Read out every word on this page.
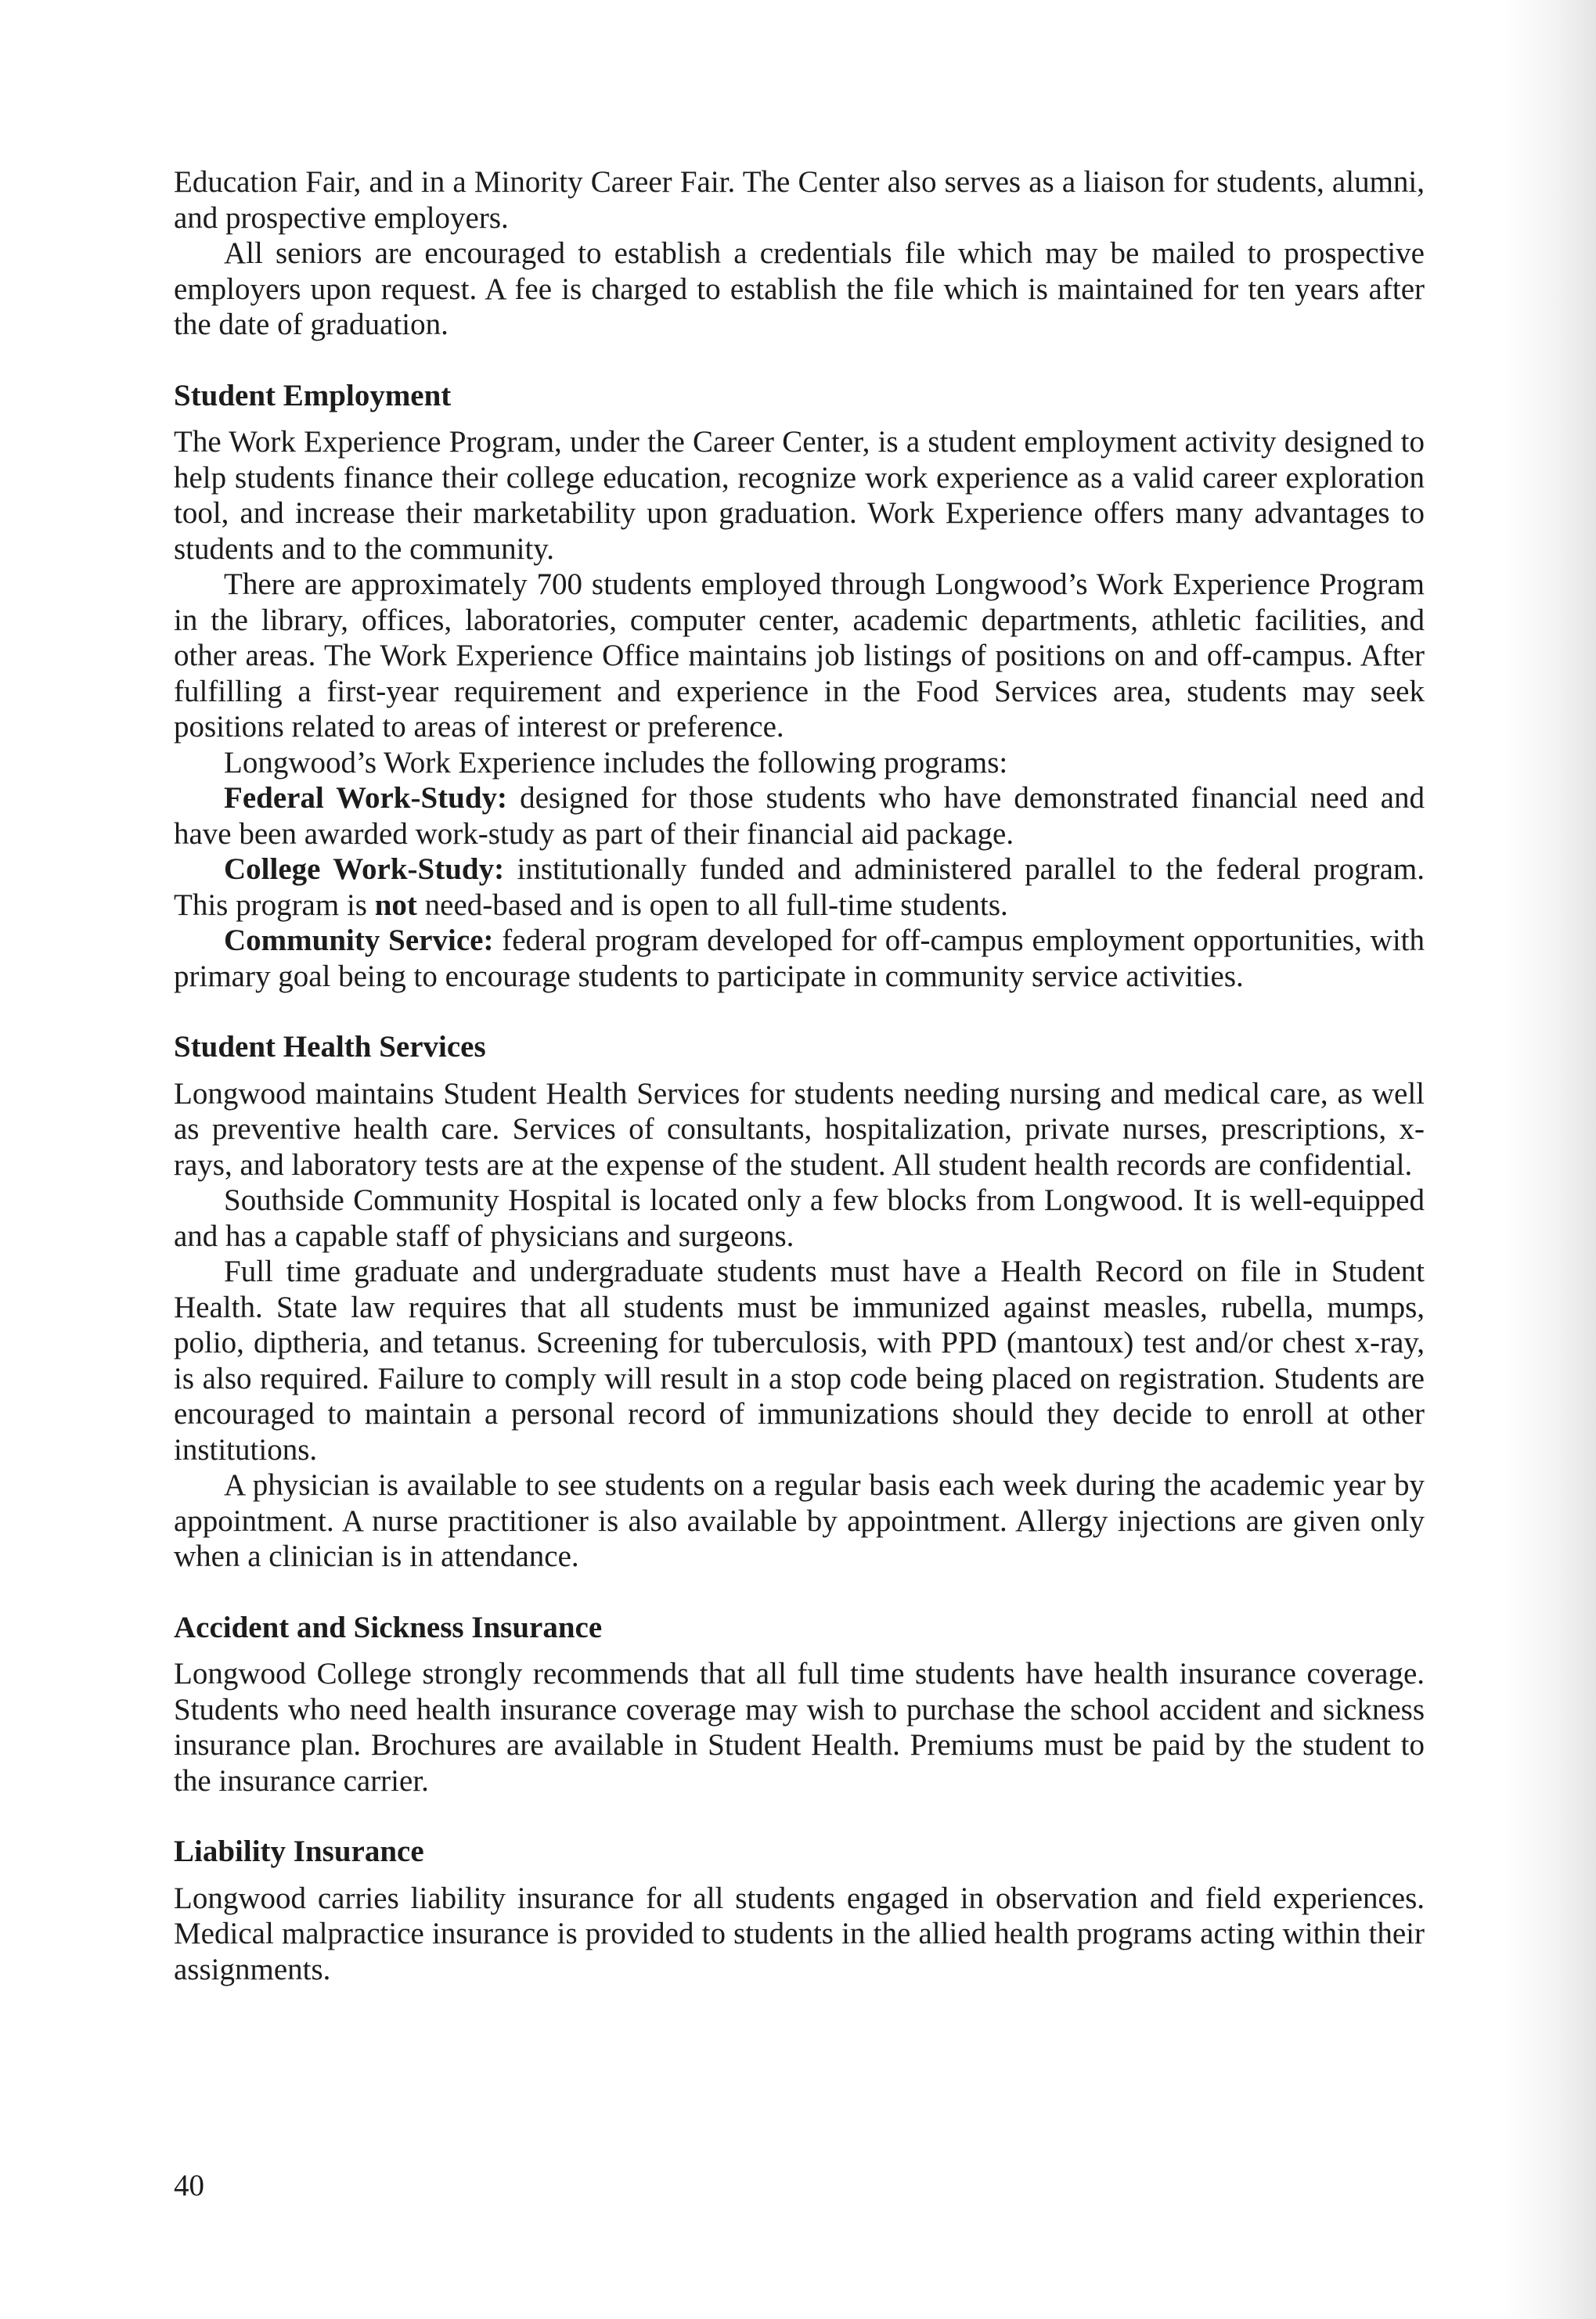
Education Fair, and in a Minority Career Fair. The Center also serves as a liaison for students, alumni, and prospective employers.

All seniors are encouraged to establish a credentials file which may be mailed to prospective employers upon request. A fee is charged to establish the file which is maintained for ten years after the date of graduation.

Student Employment

The Work Experience Program, under the Career Center, is a student employment activity designed to help students finance their college education, recognize work experience as a valid career exploration tool, and increase their marketability upon graduation. Work Experience offers many advantages to students and to the community.

There are approximately 700 students employed through Longwood’s Work Experience Program in the library, offices, laboratories, computer center, academic departments, athletic facilities, and other areas. The Work Experience Office maintains job listings of positions on and off-campus. After fulfilling a first-year requirement and experience in the Food Services area, students may seek positions related to areas of interest or preference.

Longwood’s Work Experience includes the following programs:

Federal Work-Study: designed for those students who have demonstrated financial need and have been awarded work-study as part of their financial aid package.

College Work-Study: institutionally funded and administered parallel to the federal program. This program is not need-based and is open to all full-time students.

Community Service: federal program developed for off-campus employment opportunities, with primary goal being to encourage students to participate in community service activities.

Student Health Services

Longwood maintains Student Health Services for students needing nursing and medical care, as well as preventive health care. Services of consultants, hospitalization, private nurses, prescriptions, x-rays, and laboratory tests are at the expense of the student. All student health records are confidential.

Southside Community Hospital is located only a few blocks from Longwood. It is well-equipped and has a capable staff of physicians and surgeons.

Full time graduate and undergraduate students must have a Health Record on file in Student Health. State law requires that all students must be immunized against measles, rubella, mumps, polio, diptheria, and tetanus. Screening for tuberculosis, with PPD (mantoux) test and/or chest x-ray, is also required. Failure to comply will result in a stop code being placed on registration. Students are encouraged to maintain a personal record of immunizations should they decide to enroll at other institutions.

A physician is available to see students on a regular basis each week during the academic year by appointment. A nurse practitioner is also available by appointment. Allergy injections are given only when a clinician is in attendance.

Accident and Sickness Insurance

Longwood College strongly recommends that all full time students have health insurance coverage. Students who need health insurance coverage may wish to purchase the school accident and sickness insurance plan. Brochures are available in Student Health. Premiums must be paid by the student to the insurance carrier.

Liability Insurance

Longwood carries liability insurance for all students engaged in observation and field experiences. Medical malpractice insurance is provided to students in the allied health programs acting within their assignments.

40
